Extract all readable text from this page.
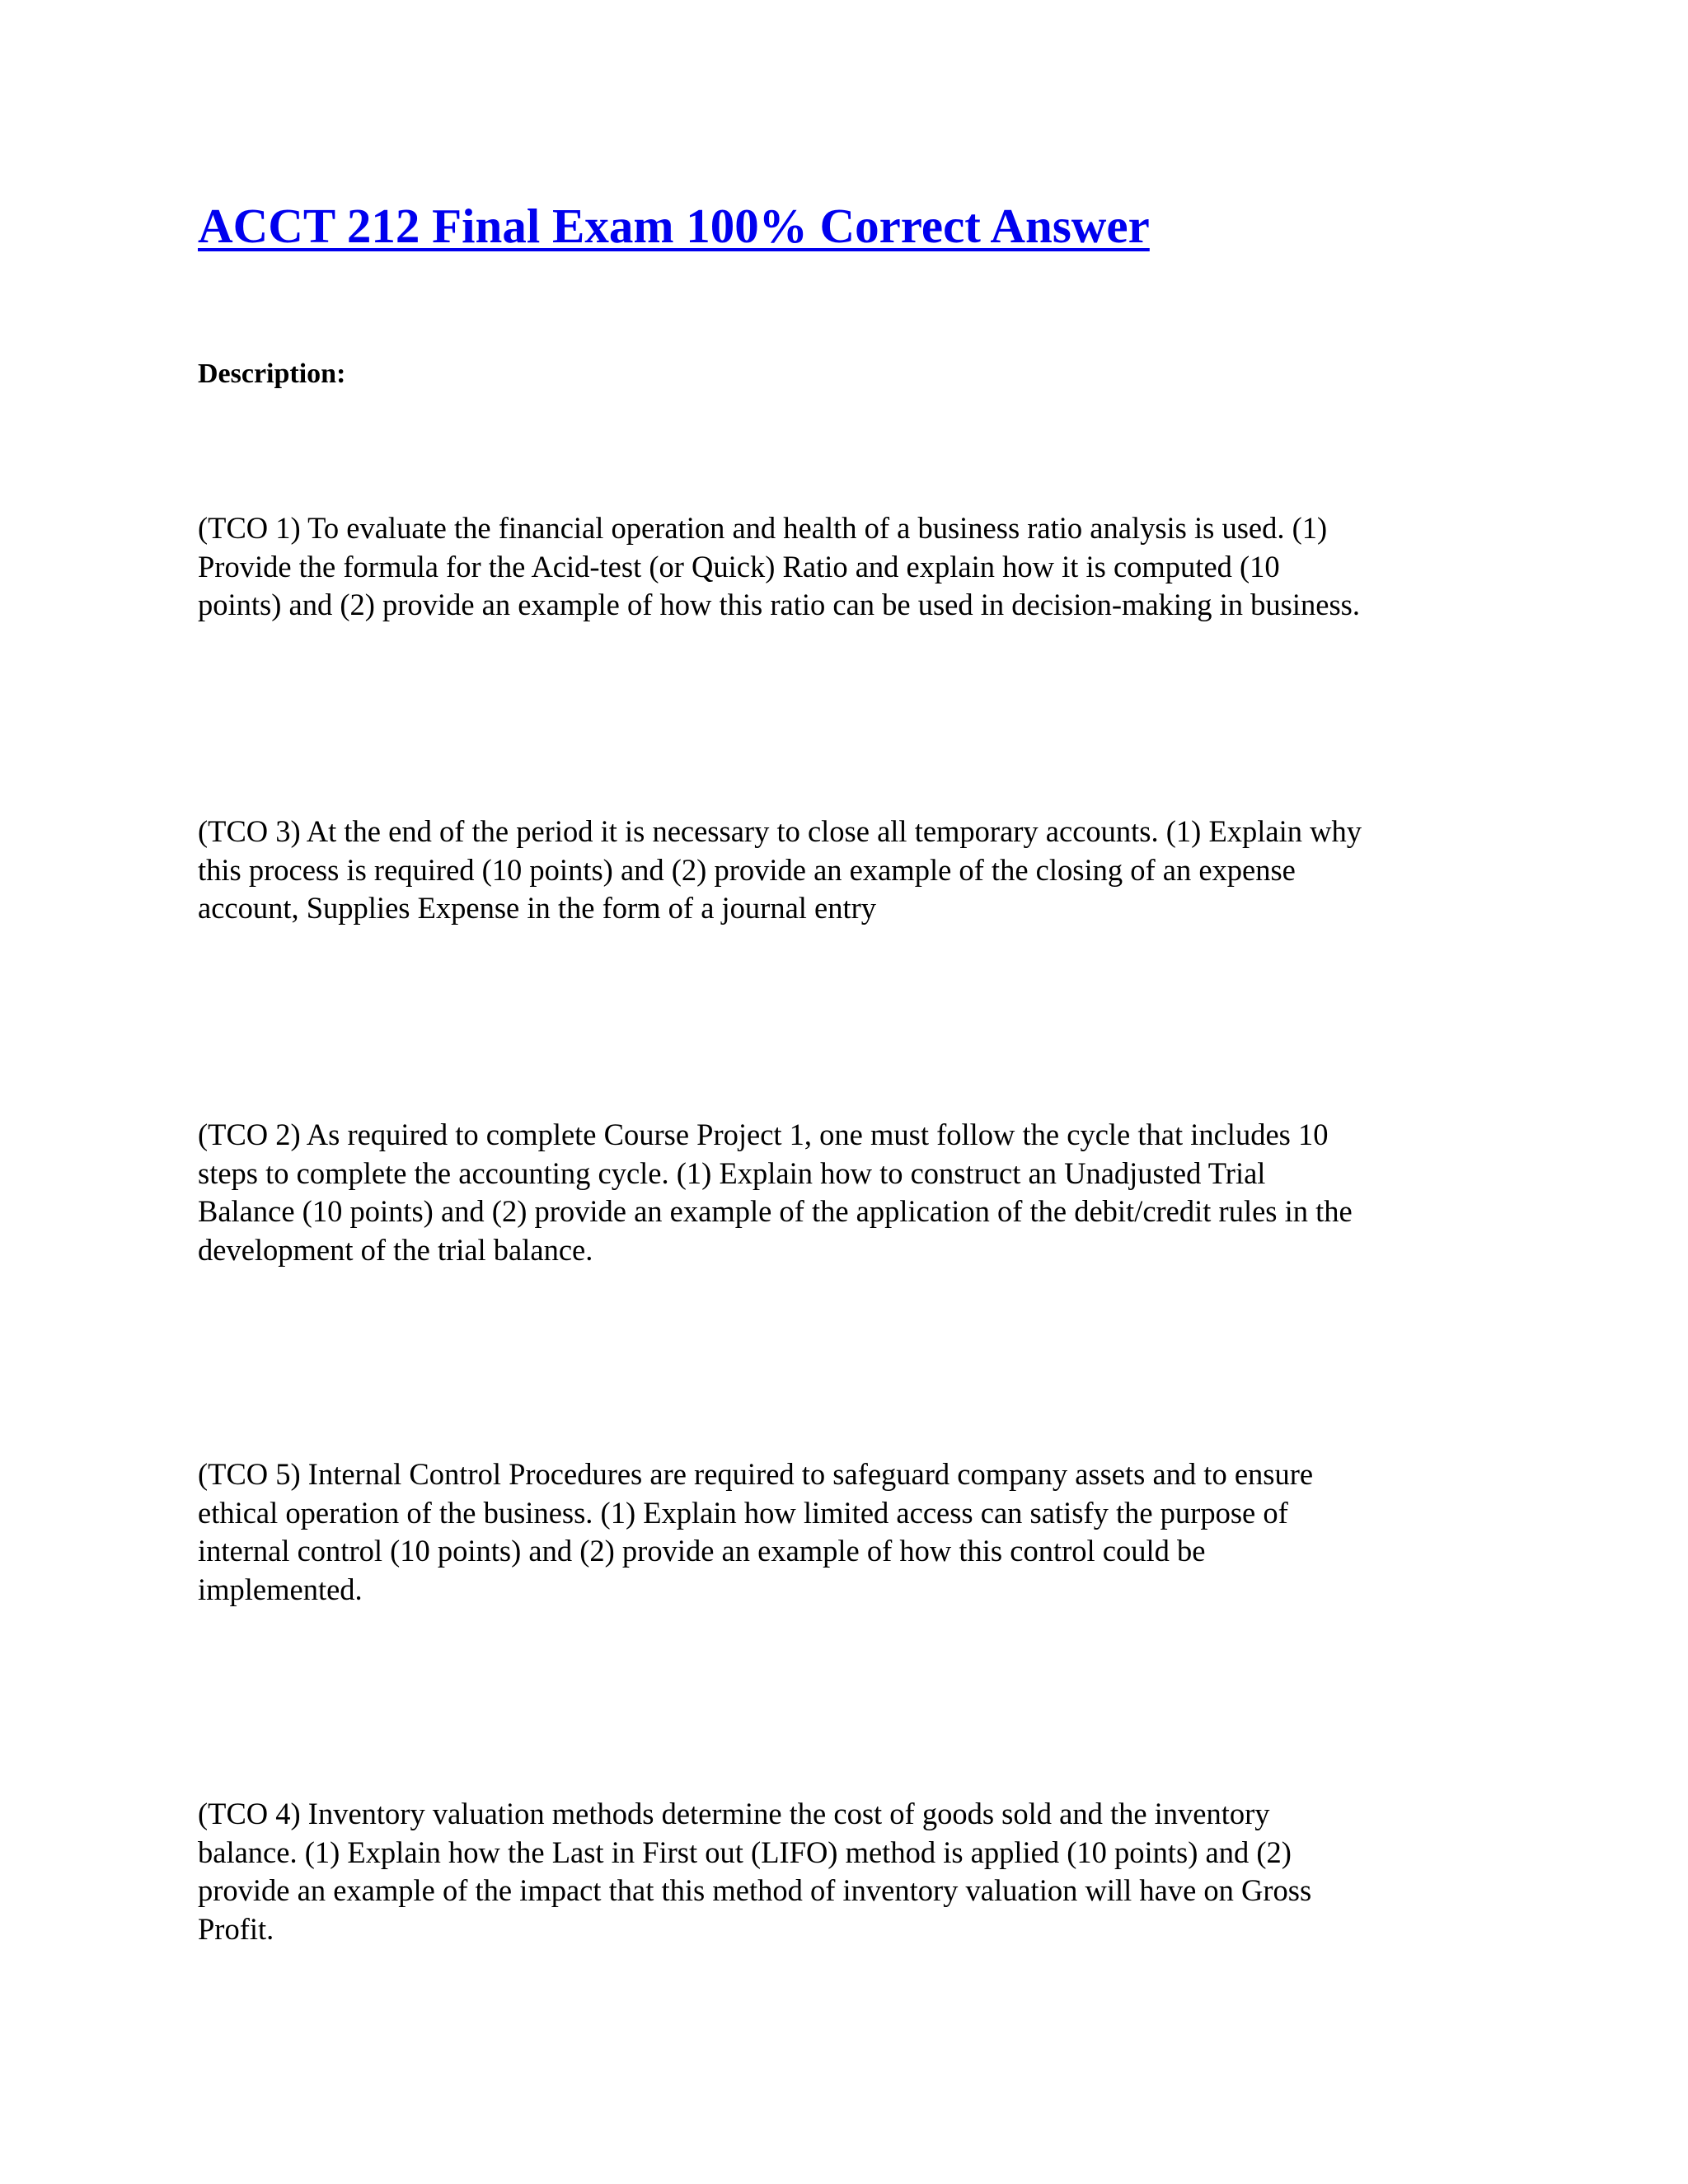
ACCT 212 Final Exam 100% Correct Answer

Description:

(TCO 1) To evaluate the financial operation and health of a business ratio analysis is used. (1)
Provide the formula for the Acid-test (or Quick) Ratio and explain how it is computed (10
points) and (2) provide an example of how this ratio can be used in decision-making in business.
(TCO 3) At the end of the period it is necessary to close all temporary accounts. (1) Explain why
this process is required (10 points) and (2) provide an example of the closing of an expense
account, Supplies Expense in the form of a journal entry
(TCO 2) As required to complete Course Project 1, one must follow the cycle that includes 10
steps to complete the accounting cycle. (1) Explain how to construct an Unadjusted Trial
Balance (10 points) and (2) provide an example of the application of the debit/credit rules in the
development of the trial balance.
(TCO 5) Internal Control Procedures are required to safeguard company assets and to ensure
ethical operation of the business. (1) Explain how limited access can satisfy the purpose of
internal control (10 points) and (2) provide an example of how this control could be
implemented.
(TCO 4) Inventory valuation methods determine the cost of goods sold and the inventory
balance. (1) Explain how the Last in First out (LIFO) method is applied (10 points) and (2)
provide an example of the impact that this method of inventory valuation will have on Gross
Profit.
